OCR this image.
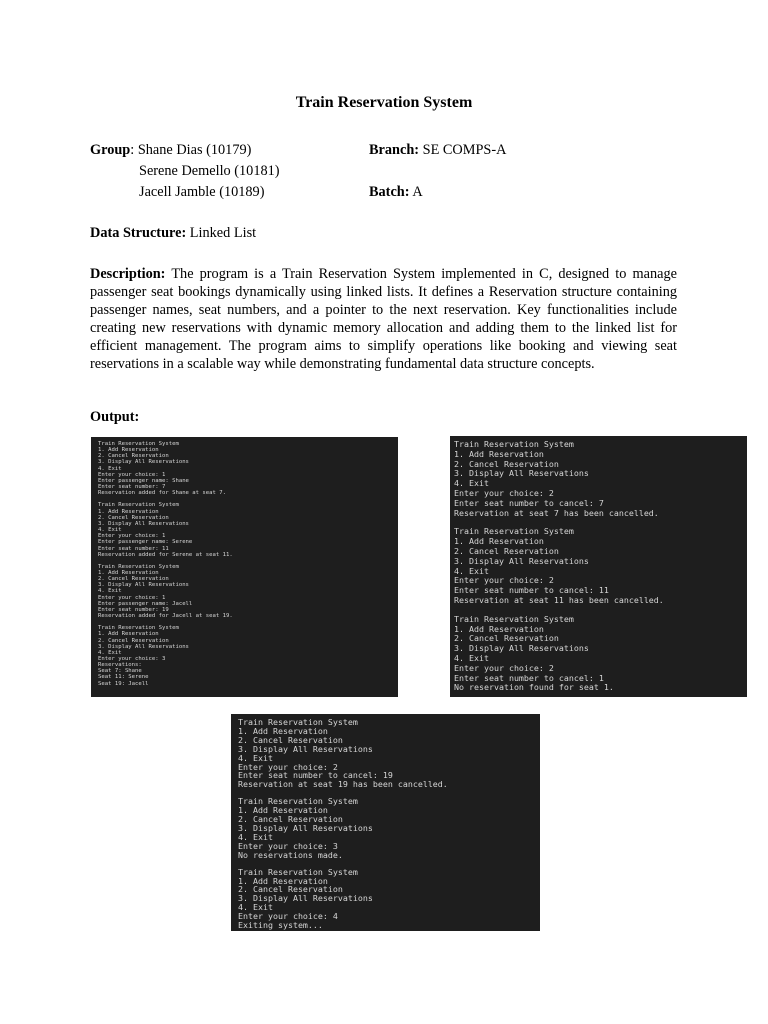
Train Reservation System
Group: Shane Dias (10179)
Serene Demello (10181)
Jacell Jamble (10189)
Branch: SE COMPS-A
Batch: A
Data Structure: Linked List
Description: The program is a Train Reservation System implemented in C, designed to manage passenger seat bookings dynamically using linked lists. It defines a Reservation structure containing passenger names, seat numbers, and a pointer to the next reservation. Key functionalities include creating new reservations with dynamic memory allocation and adding them to the linked list for efficient management. The program aims to simplify operations like booking and viewing seat reservations in a scalable way while demonstrating fundamental data structure concepts.
Output:
Train Reservation System
1. Add Reservation
2. Cancel Reservation
3. Display All Reservations
4. Exit
Enter your choice: 1
Enter passenger name: Shane
Enter seat number: 7
Reservation added for Shane at seat 7.
Train Reservation System
1. Add Reservation
2. Cancel Reservation
3. Display All Reservations
4. Exit
Enter your choice: 1
Enter passenger name: Serene
Enter seat number: 11
Reservation added for Serene at seat 11.
Train Reservation System
1. Add Reservation
2. Cancel Reservation
3. Display All Reservations
4. Exit
Enter your choice: 1
Enter passenger name: Jacell
Enter seat number: 19
Reservation added for Jacell at seat 19.
Train Reservation System
1. Add Reservation
2. Cancel Reservation
3. Display All Reservations
4. Exit
Enter your choice: 3
Reservations:
Seat 7: Shane
Seat 11: Serene
Seat 19: Jacell
Train Reservation System
1. Add Reservation
2. Cancel Reservation
3. Display All Reservations
4. Exit
Enter your choice: 2
Enter seat number to cancel: 7
Reservation at seat 7 has been cancelled.
Train Reservation System
1. Add Reservation
2. Cancel Reservation
3. Display All Reservations
4. Exit
Enter your choice: 2
Enter seat number to cancel: 11
Reservation at seat 11 has been cancelled.
Train Reservation System
1. Add Reservation
2. Cancel Reservation
3. Display All Reservations
4. Exit
Enter your choice: 2
Enter seat number to cancel: 1
No reservation found for seat 1.
Train Reservation System
1. Add Reservation
2. Cancel Reservation
3. Display All Reservations
4. Exit
Enter your choice: 2
Enter seat number to cancel: 19
Reservation at seat 19 has been cancelled.
Train Reservation System
1. Add Reservation
2. Cancel Reservation
3. Display All Reservations
4. Exit
Enter your choice: 3
No reservations made.
Train Reservation System
1. Add Reservation
2. Cancel Reservation
3. Display All Reservations
4. Exit
Enter your choice: 4
Exiting system...
